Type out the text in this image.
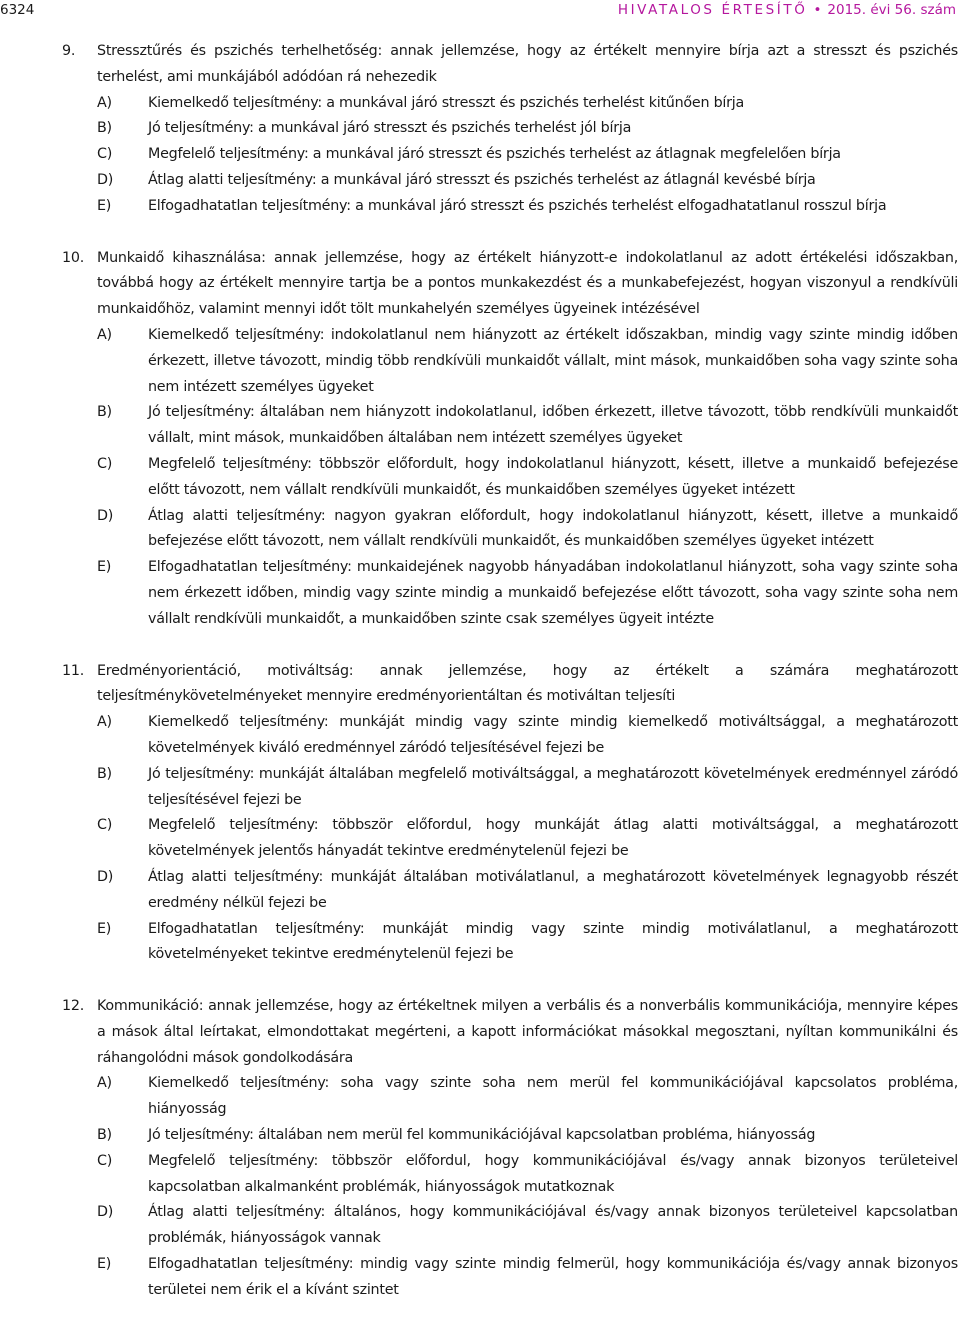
6324	HIVATALOS ÉRTESÍTŐ • 2015. évi 56. szám
9. Stressztűrés és pszichés terhelhetőség: annak jellemzése, hogy az értékelt mennyire bírja azt a stresszt és pszichés terhelést, ami munkájából adódóan rá nehezedik
A)	Kiemelkedő teljesítmény: a munkával járó stresszt és pszichés terhelést kitűnően bírja
B)	Jó teljesítmény: a munkával járó stresszt és pszichés terhelést jól bírja
C)	Megfelelő teljesítmény: a munkával járó stresszt és pszichés terhelést az átlagnak megfelelően bírja
D) Átlag alatti teljesítmény: a munkával járó stresszt és pszichés terhelést az átlagnál kevésbé bírja
E)	Elfogadhatatlan teljesítmény: a munkával járó stresszt és pszichés terhelést elfogadhatatlanul rosszul bírja
10. Munkaidő kihasználása: annak jellemzése, hogy az értékelt hiányzott-e indokolatlanul az adott értékelési időszakban, továbbá hogy az értékelt mennyire tartja be a pontos munkakezdést és a munkabefejezést, hogyan viszonyul a rendkívüli munkaidőhöz, valamint mennyi időt tölt munkahelyén személyes ügyeinek intézésével
A)	Kiemelkedő teljesítmény: indokolatlanul nem hiányzott az értékelt időszakban, mindig vagy szinte mindig időben érkezett, illetve távozott, mindig több rendkívüli munkaidőt vállalt, mint mások, munkaidőben soha vagy szinte soha nem intézett személyes ügyeket
B)	Jó teljesítmény: általában nem hiányzott indokolatlanul, időben érkezett, illetve távozott, több rendkívüli munkaidőt vállalt, mint mások, munkaidőben általában nem intézett személyes ügyeket
C)	Megfelelő teljesítmény: többször előfordult, hogy indokolatlanul hiányzott, késett, illetve a munkaidő befejezése előtt távozott, nem vállalt rendkívüli munkaidőt, és munkaidőben személyes ügyeket intézett
D) Átlag alatti teljesítmény: nagyon gyakran előfordult, hogy indokolatlanul hiányzott, késett, illetve a munkaidő befejezése előtt távozott, nem vállalt rendkívüli munkaidőt, és munkaidőben személyes ügyeket intézett
E)	Elfogadhatatlan teljesítmény: munkaidejének nagyobb hányadában indokolatlanul hiányzott, soha vagy szinte soha nem érkezett időben, mindig vagy szinte mindig a munkaidő befejezése előtt távozott, soha vagy szinte soha nem vállalt rendkívüli munkaidőt, a munkaidőben szinte csak személyes ügyeit intézte
11. Eredményorientáció, motiváltság: annak jellemzése, hogy az értékelt a számára meghatározott teljesítménykövetelményeket mennyire eredményorientáltan és motiváltan teljesíti
A)	Kiemelkedő teljesítmény: munkáját mindig vagy szinte mindig kiemelkedő motiváltsággal, a meghatározott követelmények kiváló eredménnyel záródó teljesítésével fejezi be
B)	Jó teljesítmény: munkáját általában megfelelő motiváltsággal, a meghatározott követelmények eredménnyel záródó teljesítésével fejezi be
C)	Megfelelő teljesítmény: többször előfordul, hogy munkáját átlag alatti motiváltsággal, a meghatározott követelmények jelentős hányadát tekintve eredménytelenül fejezi be
D) Átlag alatti teljesítmény: munkáját általában motiválatlanul, a meghatározott követelmények legnagyobb részét eredmény nélkül fejezi be
E)	Elfogadhatatlan teljesítmény: munkáját mindig vagy szinte mindig motiválatlanul, a meghatározott követelményeket tekintve eredménytelenül fejezi be
12. Kommunikáció: annak jellemzése, hogy az értékeltnek milyen a verbális és a nonverbális kommunikációja, mennyire képes a mások által leírtakat, elmondottakat megérteni, a kapott információkat másokkal megosztani, nyíltan kommunikálni és ráhangolódni mások gondolkodására
A)	Kiemelkedő teljesítmény: soha vagy szinte soha nem merül fel kommunikációjával kapcsolatos probléma, hiányosság
B)	Jó teljesítmény: általában nem merül fel kommunikációjával kapcsolatban probléma, hiányosság
C)	Megfelelő teljesítmény: többször előfordul, hogy kommunikációjával és/vagy annak bizonyos területeivel kapcsolatban alkalmanként problémák, hiányosságok mutatkoznak
D) Átlag alatti teljesítmény: általános, hogy kommunikációjával és/vagy annak bizonyos területeivel kapcsolatban problémák, hiányosságok vannak
E)	Elfogadhatatlan teljesítmény: mindig vagy szinte mindig felmerül, hogy kommunikációja és/vagy annak bizonyos területei nem érik el a kívánt szintet
